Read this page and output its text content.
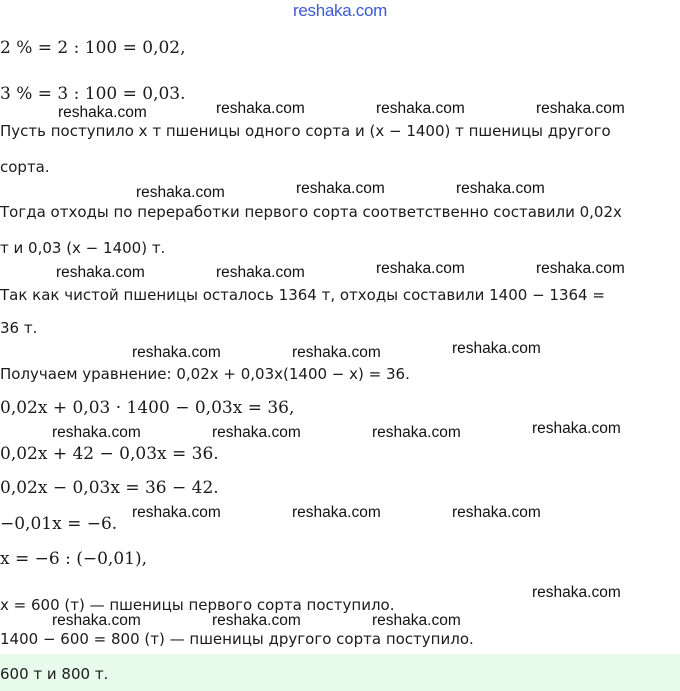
reshaka.com
2 % = 2 : 100 = 0,02,
3 % = 3 : 100 = 0,03.
Пусть поступило x т пшеницы одного сорта и (x − 1400) т пшеницы другого
сорта.
Тогда отходы по переработки первого сорта соответственно составили 0,02x
т и 0,03 (x − 1400) т.
Так как чистой пшеницы осталось 1364 т, отходы составили 1400 − 1364 =
36 т.
Получаем уравнение: 0,02x + 0,03x(1400 − x) = 36.
0,02x + 0,03 · 1400 − 0,03x = 36,
0,02x + 42 − 0,03x = 36.
0,02x − 0,03x = 36 − 42.
−0,01x = −6.
x = −6 : (−0,01),
x = 600 (т) — пшеницы первого сорта поступило.
1400 − 600 = 800 (т) — пшеницы другого сорта поступило.
600 т и 800 т.
reshaka.com	reshaka.com	reshaka.com
reshaka.com
reshaka.com	reshaka.com	reshaka.com
reshaka.com	reshaka.com	reshaka.com	reshaka.com
reshaka.com	reshaka.com	reshaka.com
reshaka.com	reshaka.com	reshaka.com	reshaka.com
reshaka.com	reshaka.com	reshaka.com
reshaka.com
reshaka.com	reshaka.com	reshaka.com
